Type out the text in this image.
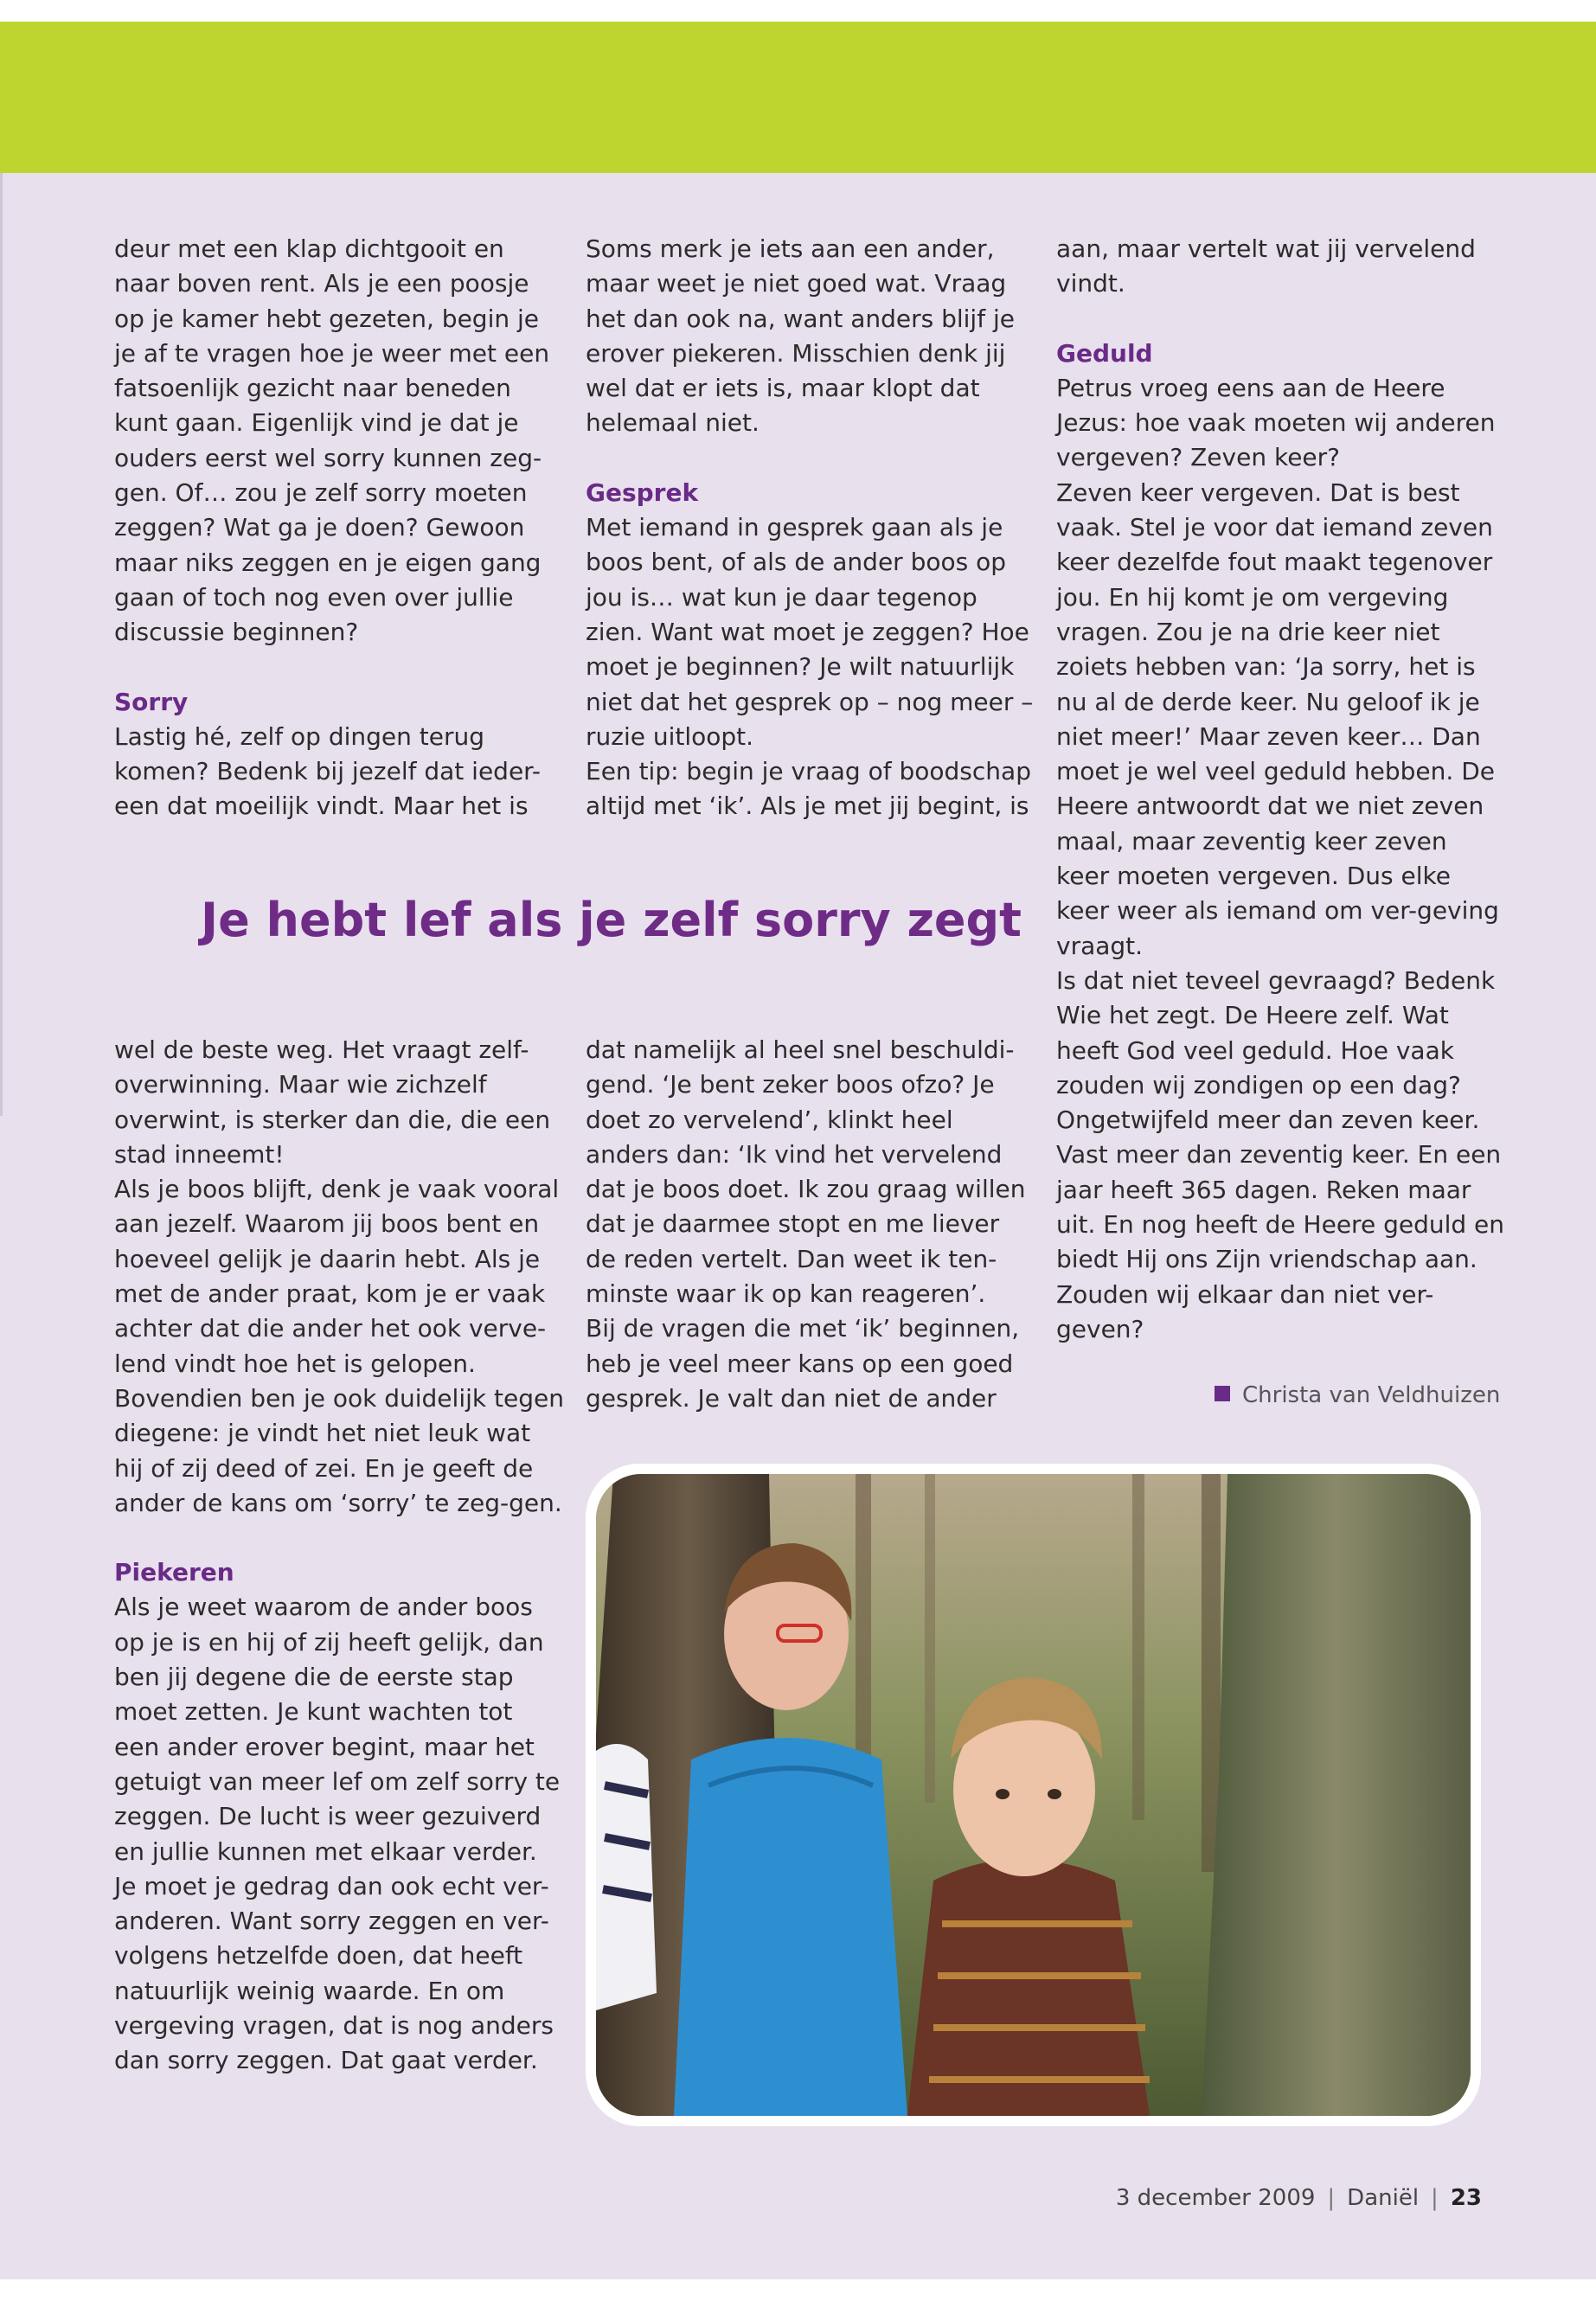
deur met een klap dichtgooit en naar boven rent. Als je een poosje op je kamer hebt gezeten, begin je je af te vragen hoe je weer met een fatsoenlijk gezicht naar beneden kunt gaan. Eigenlijk vind je dat je ouders eerst wel sorry kunnen zeg-gen. Of… zou je zelf sorry moeten zeggen? Wat ga je doen? Gewoon maar niks zeggen en je eigen gang gaan of toch nog even over jullie discussie beginnen?

Sorry

Lastig hé, zelf op dingen terug komen? Bedenk bij jezelf dat ieder-een dat moeilijk vindt. Maar het is

Soms merk je iets aan een ander, maar weet je niet goed wat. Vraag het dan ook na, want anders blijf je erover piekeren. Misschien denk jij wel dat er iets is, maar klopt dat helemaal niet.

Gesprek

Met iemand in gesprek gaan als je boos bent, of als de ander boos op jou is… wat kun je daar tegenop zien. Want wat moet je zeggen? Hoe moet je beginnen? Je wilt natuurlijk niet dat het gesprek op – nog meer – ruzie uitloopt.

Een tip: begin je vraag of boodschap altijd met ‘ik’. Als je met jij begint, is

aan, maar vertelt wat jij vervelend vindt.

Geduld

Petrus vroeg eens aan de Heere Jezus: hoe vaak moeten wij anderen vergeven? Zeven keer?

Zeven keer vergeven. Dat is best vaak. Stel je voor dat iemand zeven keer dezelfde fout maakt tegenover jou. En hij komt je om vergeving vragen. Zou je na drie keer niet zoiets hebben van: ‘Ja sorry, het is nu al de derde keer. Nu geloof ik je niet meer!’ Maar zeven keer… Dan moet je wel veel geduld hebben. De Heere antwoordt dat we niet zeven maal, maar zeventig keer zeven keer moeten vergeven. Dus elke keer weer als iemand om ver-geving vraagt.

Is dat niet teveel gevraagd? Bedenk Wie het zegt. De Heere zelf. Wat heeft God veel geduld. Hoe vaak zouden wij zondigen op een dag? Ongetwijfeld meer dan zeven keer. Vast meer dan zeventig keer. En een jaar heeft 365 dagen. Reken maar uit. En nog heeft de Heere geduld en biedt Hij ons Zijn vriendschap aan. Zouden wij elkaar dan niet ver-geven?

Je hebt lef als je zelf sorry zegt

wel de beste weg. Het vraagt zelf-overwinning. Maar wie zichzelf overwint, is sterker dan die, die een stad inneemt!

Als je boos blijft, denk je vaak vooral aan jezelf. Waarom jij boos bent en hoeveel gelijk je daarin hebt. Als je met de ander praat, kom je er vaak achter dat die ander het ook verve-lend vindt hoe het is gelopen. Bovendien ben je ook duidelijk tegen diegene: je vindt het niet leuk wat hij of zij deed of zei. En je geeft de ander de kans om ‘sorry’ te zeg-gen.

Piekeren

Als je weet waarom de ander boos op je is en hij of zij heeft gelijk, dan ben jij degene die de eerste stap moet zetten. Je kunt wachten tot een ander erover begint, maar het getuigt van meer lef om zelf sorry te zeggen. De lucht is weer gezuiverd en jullie kunnen met elkaar verder. Je moet je gedrag dan ook echt ver-anderen. Want sorry zeggen en ver-volgens hetzelfde doen, dat heeft natuurlijk weinig waarde. En om vergeving vragen, dat is nog anders dan sorry zeggen. Dat gaat verder.

dat namelijk al heel snel beschuldi-gend. ‘Je bent zeker boos ofzo? Je doet zo vervelend’, klinkt heel anders dan: ‘Ik vind het vervelend dat je boos doet. Ik zou graag willen dat je daarmee stopt en me liever de reden vertelt. Dan weet ik ten-minste waar ik op kan reageren’.

Bij de vragen die met ‘ik’ beginnen, heb je veel meer kans op een goed gesprek. Je valt dan niet de ander	Christa van Veldhuizen
3 december 2009 | Daniël | 23
